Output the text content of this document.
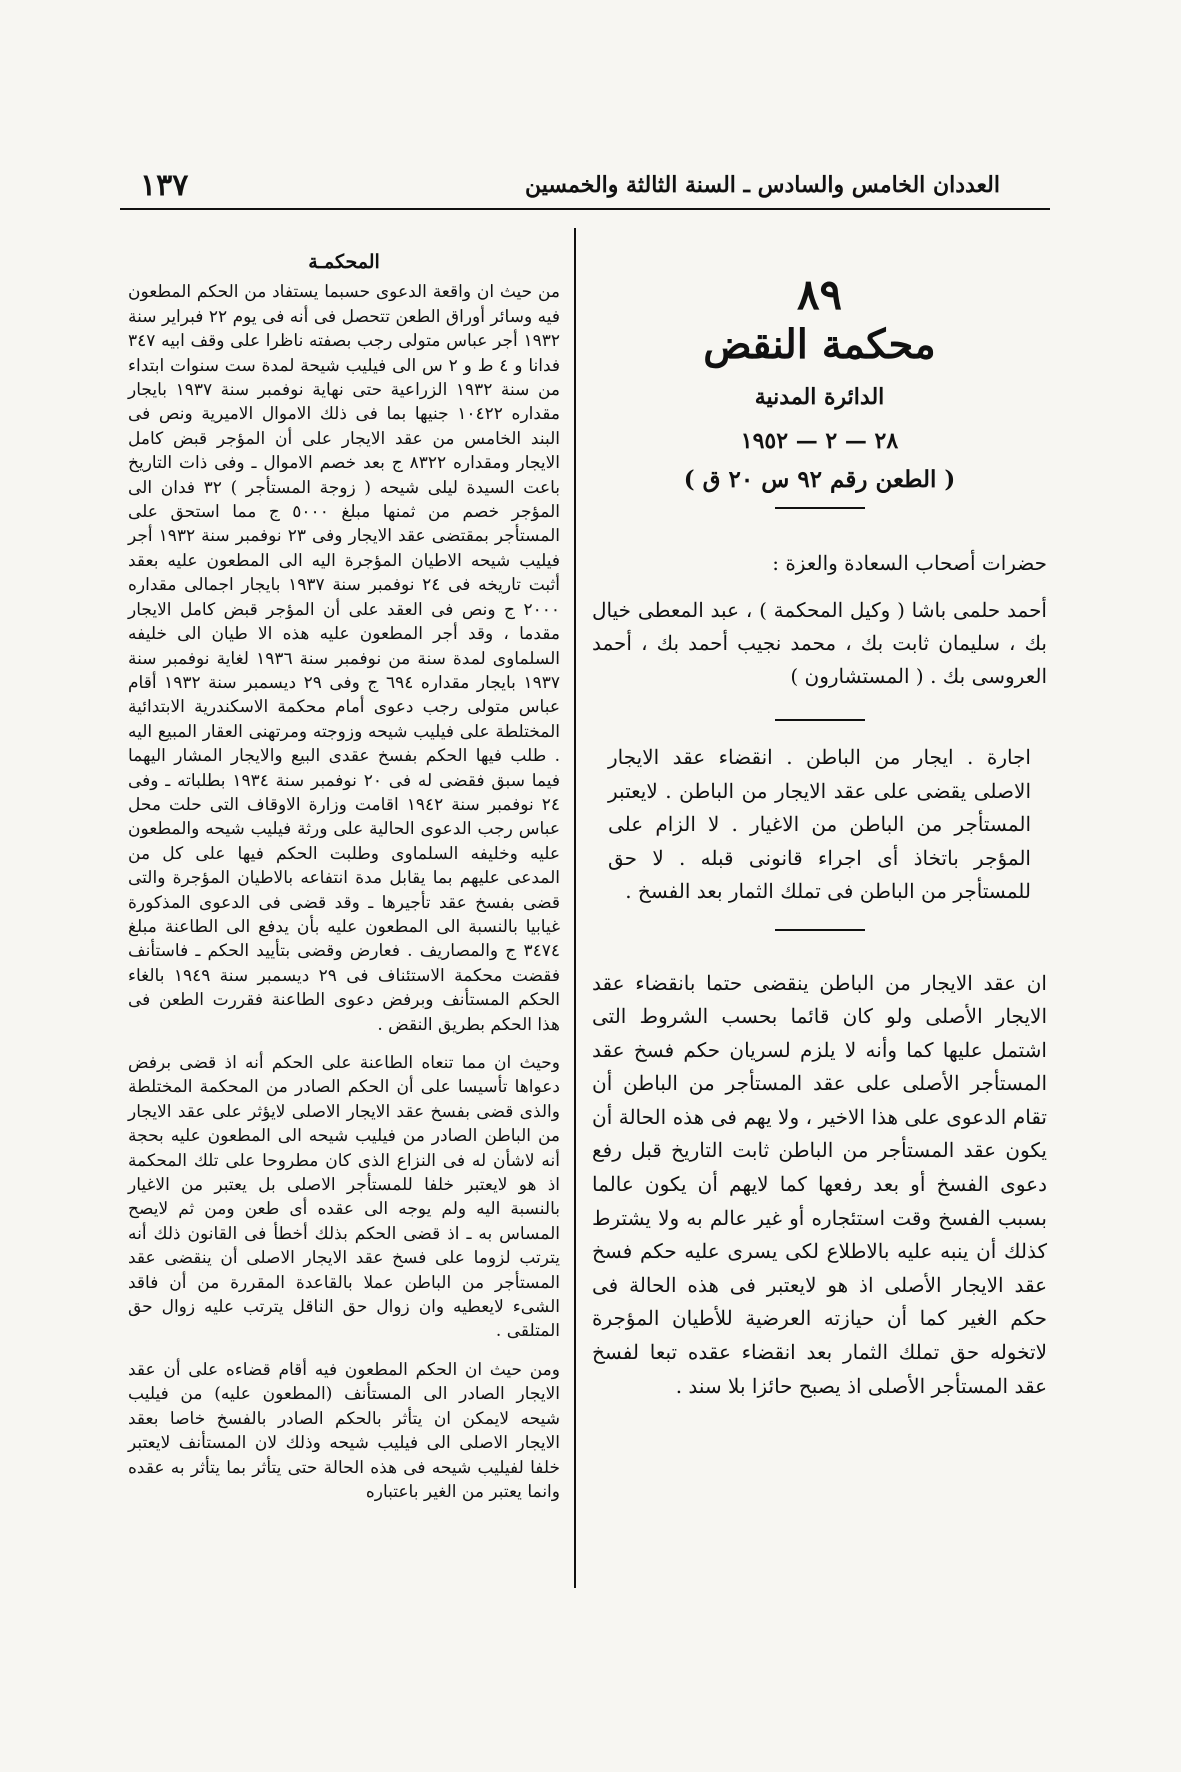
العددان الخامس والسادس ـ السنة الثالثة والخمسين
١٣٧
٨٩
محكمة النقض
الدائرة المدنية
٢٨ — ٢ — ١٩٥٢
( الطعن رقم ٩٢ س ٢٠ ق )
حضرات أصحاب السعادة والعزة :
أحمد حلمى باشا ( وكيل المحكمة ) ، عبد المعطى خيال بك ، سليمان ثابت بك ، محمد نجيب أحمد بك ، أحمد العروسى بك . ( المستشارون )
اجارة . ايجار من الباطن . انقضاء عقد الايجار الاصلى يقضى على عقد الايجار من الباطن . لايعتبر المستأجر من الباطن من الاغيار . لا الزام على المؤجر باتخاذ أى اجراء قانونى قبله . لا حق للمستأجر من الباطن فى تملك الثمار بعد الفسخ .
ان عقد الايجار من الباطن ينقضى حتما بانقضاء عقد الايجار الأصلى ولو كان قائما بحسب الشروط التى اشتمل عليها كما وأنه لا يلزم لسريان حكم فسخ عقد المستأجر الأصلى على عقد المستأجر من الباطن أن تقام الدعوى على هذا الاخير ، ولا يهم فى هذه الحالة أن يكون عقد المستأجر من الباطن ثابت التاريخ قبل رفع دعوى الفسخ أو بعد رفعها كما لايهم أن يكون عالما بسبب الفسخ وقت استئجاره أو غير عالم به ولا يشترط كذلك أن ينبه عليه بالاطلاع لكى يسرى عليه حكم فسخ عقد الايجار الأصلى اذ هو لايعتبر فى هذه الحالة فى حكم الغير كما أن حيازته العرضية للأطيان المؤجرة لاتخوله حق تملك الثمار بعد انقضاء عقده تبعا لفسخ عقد المستأجر الأصلى اذ يصبح حائزا بلا سند .
المحكمـة

من حيث ان واقعة الدعوى حسبما يستفاد من الحكم المطعون فيه وسائر أوراق الطعن تتحصل فى أنه فى يوم ٢٢ فبراير سنة ١٩٣٢ أجر عباس متولى رجب بصفته ناظرا على وقف ابيه ٣٤٧ فدانا و ٤ ط و ٢ س الى فيليب شيحة لمدة ست سنوات ابتداء من سنة ١٩٣٢ الزراعية حتى نهاية نوفمبر سنة ١٩٣٧ بايجار مقداره ١٠٤٢٢ جنيها بما فى ذلك الاموال الاميرية ونص فى البند الخامس من عقد الايجار على أن المؤجر قبض كامل الايجار ومقداره ٨٣٢٢ ج بعد خصم الاموال ـ وفى ذات التاريخ باعت السيدة ليلى شيحه ( زوجة المستأجر ) ٣٢ فدان الى المؤجر خصم من ثمنها مبلغ ٥٠٠٠ ج مما استحق على المستأجر بمقتضى عقد الايجار وفى ٢٣ نوفمبر سنة ١٩٣٢ أجر فيليب شيحه الاطيان المؤجرة اليه الى المطعون عليه بعقد أثبت تاريخه فى ٢٤ نوفمبر سنة ١٩٣٧ بايجار اجمالى مقداره ٢٠٠٠ ج ونص فى العقد على أن المؤجر قبض كامل الايجار مقدما ، وقد أجر المطعون عليه هذه الا طيان الى خليفه السلماوى لمدة سنة من نوفمبر سنة ١٩٣٦ لغاية نوفمبر سنة ١٩٣٧ بايجار مقداره ٦٩٤ ج وفى ٢٩ ديسمبر سنة ١٩٣٢ أقام عباس متولى رجب دعوى أمام محكمة الاسكندرية الابتدائية المختلطة على فيليب شيحه وزوجته ومرتهنى العقار المبيع اليه . طلب فيها الحكم بفسخ عقدى البيع والايجار المشار اليهما فيما سبق فقضى له فى ٢٠ نوفمبر سنة ١٩٣٤ بطلباته ـ وفى ٢٤ نوفمبر سنة ١٩٤٢ اقامت وزارة الاوقاف التى حلت محل عباس رجب الدعوى الحالية على ورثة فيليب شيحه والمطعون عليه وخليفه السلماوى وطلبت الحكم فيها على كل من المدعى عليهم بما يقابل مدة انتفاعه بالاطيان المؤجرة والتى قضى بفسخ عقد تأجيرها ـ وقد قضى فى الدعوى المذكورة غيابيا بالنسبة الى المطعون عليه بأن يدفع الى الطاعنة مبلغ ٣٤٧٤ ج والمصاريف . فعارض وقضى بتأييد الحكم ـ فاستأنف فقضت محكمة الاستئناف فى ٢٩ ديسمبر سنة ١٩٤٩ بالغاء الحكم المستأنف وبرفض دعوى الطاعنة فقررت الطعن فى هذا الحكم بطريق النقض .

وحيث ان مما تنعاه الطاعنة على الحكم أنه اذ قضى برفض دعواها تأسيسا على أن الحكم الصادر من المحكمة المختلطة والذى قضى بفسخ عقد الايجار الاصلى لايؤثر على عقد الايجار من الباطن الصادر من فيليب شيحه الى المطعون عليه بحجة أنه لاشأن له فى النزاع الذى كان مطروحا على تلك المحكمة اذ هو لايعتبر خلفا للمستأجر الاصلى بل يعتبر من الاغيار بالنسبة اليه ولم يوجه الى عقده أى طعن ومن ثم لايصح المساس به ـ اذ قضى الحكم بذلك أخطأ فى القانون ذلك أنه يترتب لزوما على فسخ عقد الايجار الاصلى أن ينقضى عقد المستأجر من الباطن عملا بالقاعدة المقررة من أن فاقد الشىء لايعطيه وان زوال حق الناقل يترتب عليه زوال حق المتلقى .

ومن حيث ان الحكم المطعون فيه أقام قضاءه على أن عقد الايجار الصادر الى المستأنف (المطعون عليه) من فيليب شيحه لايمكن ان يتأثر بالحكم الصادر بالفسخ خاصا بعقد الايجار الاصلى الى فيليب شيحه وذلك لان المستأنف لايعتبر خلفا لفيليب شيحه فى هذه الحالة حتى يتأثر بما يتأثر به عقده وانما يعتبر من الغير باعتباره
